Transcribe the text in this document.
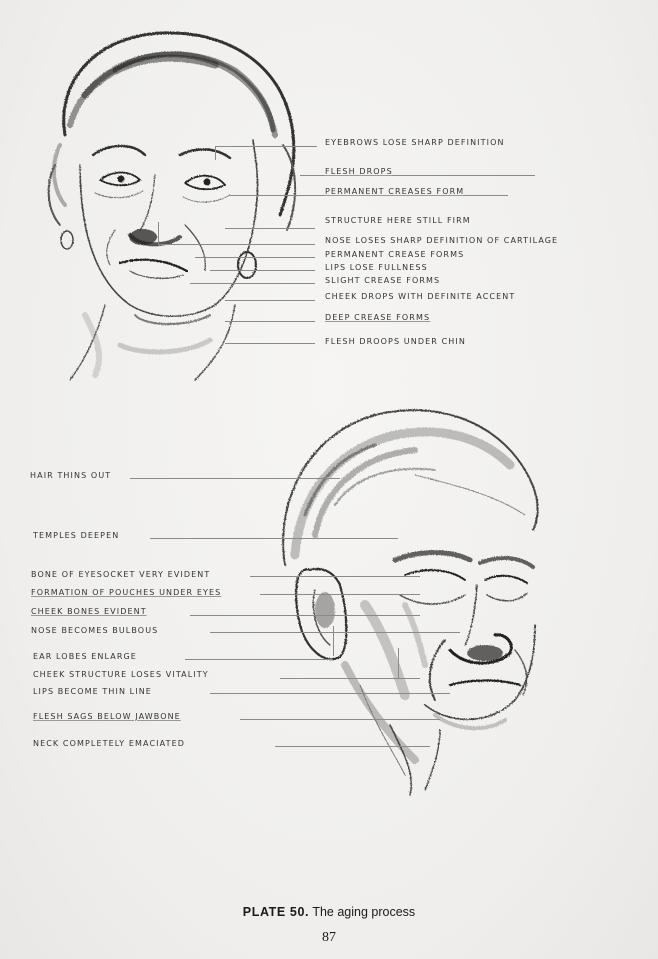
EYEBROWS LOSE SHARP DEFINITION
FLESH DROPS
PERMANENT CREASES FORM
STRUCTURE HERE STILL FIRM
NOSE LOSES SHARP DEFINITION OF CARTILAGE
PERMANENT CREASE FORMS
LIPS LOSE FULLNESS
SLIGHT CREASE FORMS
CHEEK DROPS WITH DEFINITE ACCENT
DEEP CREASE FORMS
FLESH DROOPS UNDER CHIN
HAIR THINS OUT
TEMPLES DEEPEN
BONE OF EYESOCKET VERY EVIDENT
FORMATION OF POUCHES UNDER EYES
CHEEK BONES EVIDENT
NOSE BECOMES BULBOUS
EAR LOBES ENLARGE
CHEEK STRUCTURE LOSES VITALITY
LIPS BECOME THIN LINE
FLESH SAGS BELOW JAWBONE
NECK COMPLETELY EMACIATED
PLATE 50. The aging process
87
